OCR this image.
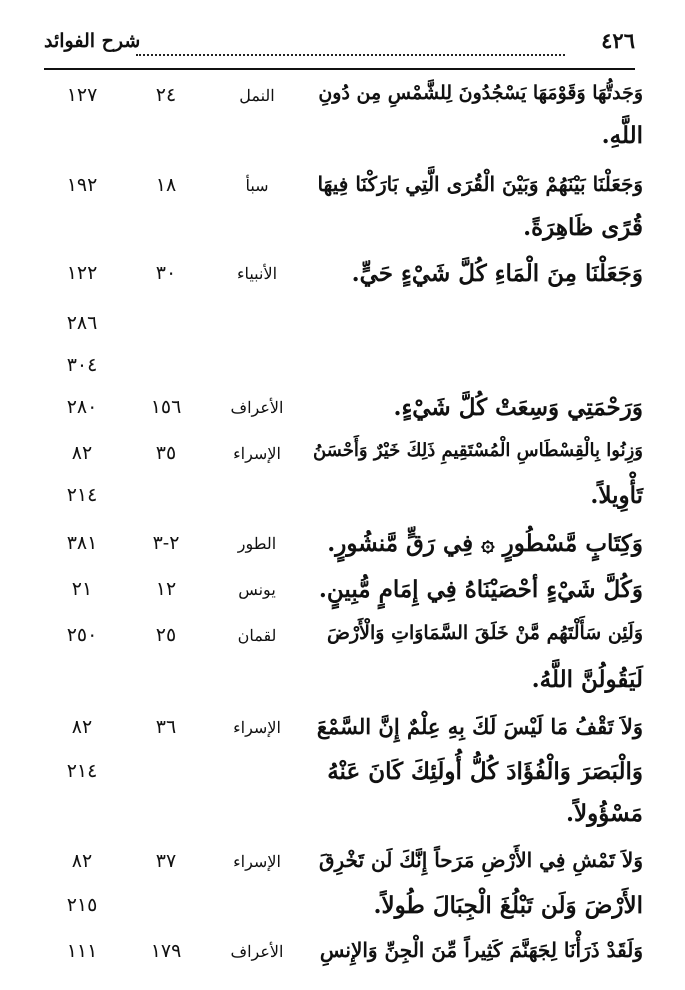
٤٢٦
شرح الفوائد
وَجَدتُّهَا وَقَوْمَهَا يَسْجُدُونَ لِلشَّمْسِ مِن دُونِ
النمل
٢٤
١٢٧
اللَّهِ.
وَجَعَلْنَا بَيْنَهُمْ وَبَيْنَ الْقُرَى الَّتِي بَارَكْنَا فِيهَا
سبأ
١٨
١٩٢
قُرًى ظَاهِرَةً.
وَجَعَلْنَا مِنَ الْمَاءِ كُلَّ شَيْءٍ حَيٍّ.
الأنبياء
٣٠
١٢٢
٢٨٦
٣٠٤
وَرَحْمَتِي وَسِعَتْ كُلَّ شَيْءٍ.
الأعراف
١٥٦
٢٨٠
وَزِنُوا بِالْقِسْطَاسِ الْمُسْتَقِيمِ ذَلِكَ خَيْرٌ وَأَحْسَنُ
الإسراء
٣٥
٨٢
تَأْوِيلاً.
٢١٤
وَكِتَابٍ مَّسْطُورٍ ۞ فِي رَقٍّ مَّنشُورٍ.
الطور
٢-٣
٣٨١
وَكُلَّ شَيْءٍ أحْصَيْنَاهُ فِي إِمَامٍ مُّبِينٍ.
يونس
١٢
٢١
وَلَئِن سَأَلْتَهُم مَّنْ خَلَقَ السَّمَاوَاتِ وَالْأَرْضَ
لقمان
٢٥
٢٥٠
لَيَقُولُنَّ اللَّهُ.
وَلاَ تَقْفُ مَا لَيْسَ لَكَ بِهِ عِلْمٌ إِنَّ السَّمْعَ
الإسراء
٣٦
٨٢
وَالْبَصَرَ وَالْفُؤَادَ كُلُّ أُولَئِكَ كَانَ عَنْهُ
٢١٤
مَسْؤُولاً.
وَلاَ تَمْشِ فِي الأَرْضِ مَرَحاً إِنَّكَ لَن تَخْرِقَ
الإسراء
٣٧
٨٢
الأَرْضَ وَلَن تَبْلُغَ الْجِبَالَ طُولاً.
٢١٥
وَلَقَدْ ذَرَأْنَا لِجَهَنَّمَ كَثِيراً مِّنَ الْجِنِّ وَالإِنسِ
الأعراف
١٧٩
١١١
